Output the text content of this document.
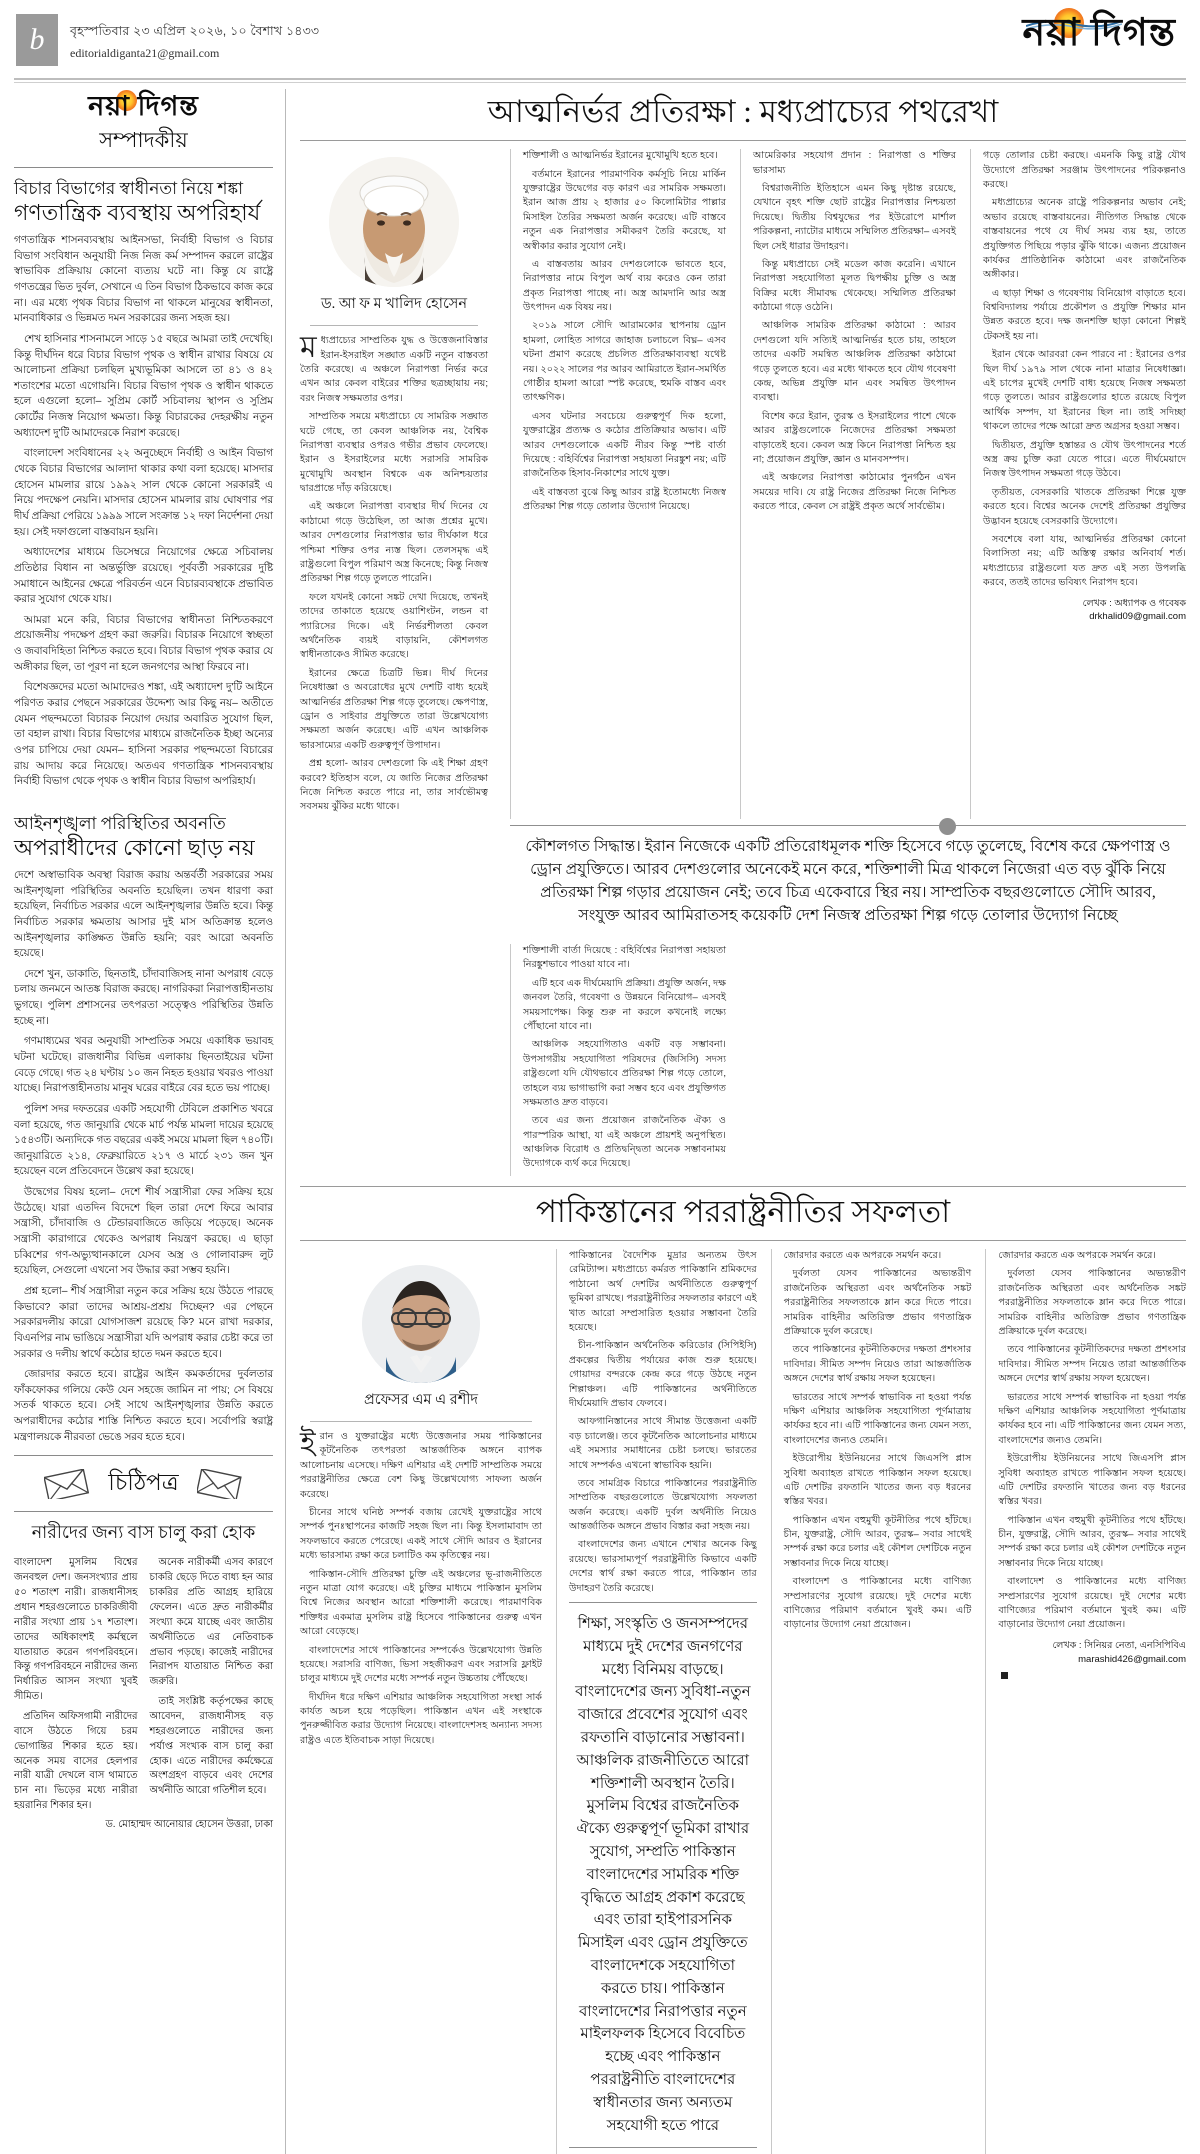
b	বৃহস্পতিবার ২৩ এপ্রিল ২০২৬, ১০ বৈশাখ ১৪৩৩
editorialdiganta21@gmail.com	নয়া দিগন্ত
নয়া দিগন্ত
সম্পাদকীয়
বিচার বিভাগের স্বাধীনতা নিয়ে শঙ্কা
গণতান্ত্রিক ব্যবস্থায় অপরিহার্য

গণতান্ত্রিক শাসনব্যবস্থায় আইনসভা, নির্বাহী বিভাগ ও বিচার বিভাগ সংবিধান অনুযায়ী নিজ নিজ কর্ম সম্পাদন করলে রাষ্ট্রের স্বাভাবিক প্রক্রিয়ায় কোনো ব্যত্যয় ঘটে না। কিন্তু যে রাষ্ট্রে গণতন্ত্রের ভিত দুর্বল, সেখানে এ তিন বিভাগ ঠিকভাবে কাজ করে না। এর মধ্যে পৃথক বিচার বিভাগ না থাকলে মানুষের স্বাধীনতা, মানবাধিকার ও ভিন্নমত দমন সরকারের জন্য সহজ হয়।

শেখ হাসিনার শাসনামলে সাড়ে ১৫ বছরে আমরা তাই দেখেছি। কিন্তু দীর্ঘদিন ধরে বিচার বিভাগ পৃথক ও স্বাধীন রাখার বিষয়ে যে আলোচনা প্রক্রিয়া চলছিল মুখ্যভূমিকা আসলে তা ৪১ ও ৪২ শতাংশের মতো এগোয়নি। বিচার বিভাগ পৃথক ও স্বাধীন থাকতে হলে এগুলো হলো– সুপ্রিম কোর্ট সচিবালয় স্থাপন ও সুপ্রিম কোর্টের নিজস্ব নিয়োগ ক্ষমতা। কিন্তু বিচারকের দেহরক্ষীয় নতুন অধ্যাদেশ দু'টি আমাদেরকে নিরাশ করেছে।

বাংলাদেশ সংবিধানের ২২ অনুচ্ছেদে নির্বাহী ও আইন বিভাগ থেকে বিচার বিভাগের আলাদা থাকার কথা বলা হয়েছে। মাসদার হোসেন মামলার রায়ে ১৯৯২ সাল থেকে কোনো সরকারই এ নিয়ে পদক্ষেপ নেয়নি। মাসদার হোসেন মামলার রায় ঘোষণার পর দীর্ঘ প্রক্রিয়া পেরিয়ে ১৯৯৯ সালে সংক্রান্ত ১২ দফা নির্দেশনা দেয়া হয়। সেই দফাগুলো বাস্তবায়ন হয়নি।

অধ্যাদেশের মাধ্যমে ডিসেম্বরে নিয়োগের ক্ষেত্রে সচিবালয় প্রতিষ্ঠার বিধান না অন্তর্ভুক্তি রয়েছে। পূর্ববর্তী সরকারের দুষ্টি সমাধানে আইনের ক্ষেত্রে পরিবর্তন এনে বিচারব্যবস্থাকে প্রভাবিত করার সুযোগ থেকে যায়।

আমরা মনে করি, বিচার বিভাগের স্বাধীনতা নিশ্চিতকরণে প্রয়োজনীয় পদক্ষেপ গ্রহণ করা জরুরি। বিচারক নিয়োগে স্বচ্ছতা ও জবাবদিহিতা নিশ্চিত করতে হবে। বিচার বিভাগ পৃথক করার যে অঙ্গীকার ছিল, তা পূরণ না হলে জনগণের আস্থা ফিরবে না।

বিশেষজ্ঞদের মতো আমাদেরও শঙ্কা, এই অধ্যাদেশ দু'টি আইনে পরিণত করার পেছনে সরকারের উদ্দেশ্য আর কিছু নয়– অতীতে যেমন পছন্দমতো বিচারক নিয়োগ দেয়ার অবারিত সুযোগ ছিল, তা বহাল রাখা। বিচার বিভাগের মাধ্যমে রাজনৈতিক ইচ্ছা অন্যের ওপর চাপিয়ে দেয়া যেমন– হাসিনা সরকার পছন্দমতো বিচারের রায় আদায় করে নিয়েছে। অতএব গণতান্ত্রিক শাসনব্যবস্থায় নির্বাহী বিভাগ থেকে পৃথক ও স্বাধীন বিচার বিভাগ অপরিহার্য।

আইনশৃঙ্খলা পরিস্থিতির অবনতি
অপরাধীদের কোনো ছাড় নয়

দেশে অস্বাভাবিক অবস্থা বিরাজ করায় অন্তর্বর্তী সরকারের সময় আইনশৃঙ্খলা পরিস্থিতির অবনতি হয়েছিল। তখন ধারণা করা হয়েছিল, নির্বাচিত সরকার এলে আইনশৃঙ্খলার উন্নতি হবে। কিন্তু নির্বাচিত সরকার ক্ষমতায় আসার দুই মাস অতিক্রান্ত হলেও আইনশৃঙ্খলার কাঙ্ক্ষিত উন্নতি হয়নি; বরং আরো অবনতি হয়েছে।

দেশে খুন, ডাকাতি, ছিনতাই, চাঁদাবাজিসহ নানা অপরাধ বেড়ে চলায় জনমনে আতঙ্ক বিরাজ করছে। নাগরিকরা নিরাপত্তাহীনতায় ভুগছে। পুলিশ প্রশাসনের তৎপরতা সত্ত্বেও পরিস্থিতির উন্নতি হচ্ছে না।

গণমাধ্যমের খবর অনুযায়ী সাম্প্রতিক সময়ে একাধিক ভয়াবহ ঘটনা ঘটেছে। রাজধানীর বিভিন্ন এলাকায় ছিনতাইয়ের ঘটনা বেড়ে গেছে। গত ২৪ ঘণ্টায় ১০ জন নিহত হওয়ার খবরও পাওয়া যাচ্ছে। নিরাপত্তাহীনতায় মানুষ ঘরের বাইরে বের হতে ভয় পাচ্ছে।

পুলিশ সদর দফতরের একটি সহযোগী টেবিলে প্রকাশিত খবরে বলা হয়েছে, গত জানুয়ারি থেকে মার্চ পর্যন্ত মামলা দায়ের হয়েছে ১৫৪৩টি। অন্যদিকে গত বছরের একই সময়ে মামলা ছিল ৭৪০টি। জানুয়ারিতে ২১৪, ফেব্রুয়ারিতে ২১৭ ও মার্চে ২৩১ জন খুন হয়েছেন বলে প্রতিবেদনে উল্লেখ করা হয়েছে।

উদ্বেগের বিষয় হলো– দেশে শীর্ষ সন্ত্রাসীরা ফের সক্রিয় হয়ে উঠেছে। যারা এতদিন বিদেশে ছিল তারা দেশে ফিরে আবার সন্ত্রাসী, চাঁদাবাজি ও টেন্ডারবাজিতে জড়িয়ে পড়েছে। অনেক সন্ত্রাসী কারাগারে থেকেও অপরাধ নিয়ন্ত্রণ করছে। এ ছাড়া চব্বিশের গণ-অভ্যুত্থানকালে যেসব অস্ত্র ও গোলাবারুদ লুট হয়েছিল, সেগুলো এখনো সব উদ্ধার করা সম্ভব হয়নি।

প্রশ্ন হলো– শীর্ষ সন্ত্রাসীরা নতুন করে সক্রিয় হয়ে উঠতে পারছে কিভাবে? কারা তাদের আশ্রয়-প্রশ্রয় দিচ্ছেন? এর পেছনে সরকারদলীয় কারো যোগসাজশ রয়েছে কি? মনে রাখা দরকার, বিএনপির নাম ভাঙিয়ে সন্ত্রাসীরা যদি অপরাধ করার চেষ্টা করে তা সরকার ও দলীয় স্বার্থে কঠোর হাতে দমন করতে হবে।

জোরদার করতে হবে। রাষ্ট্রের আইন কমকর্তাদের দুর্বলতার ফাঁকফোকর গলিয়ে কেউ যেন সহজে জামিন না পায়; সে বিষয়ে সতর্ক থাকতে হবে। সেই সাথে আইনশৃঙ্খলার উন্নতি করতে অপরাধীদের কঠোর শাস্তি নিশ্চিত করতে হবে। সর্বোপরি স্বরাষ্ট্র মন্ত্রণালয়কে নীরবতা ভেঙে সরব হতে হবে।

চিঠিপত্র
নারীদের জন্য বাস চালু করা হোক

বাংলাদেশ মুসলিম বিশ্বের জনবহুল দেশ। জনসংখ্যার প্রায় ৫০ শতাংশ নারী। রাজধানীসহ প্রধান শহরগুলোতে চাকরিজীবী নারীর সংখ্যা প্রায় ১৭ শতাংশ। তাদের অধিকাংশই কর্মস্থলে যাতায়াত করেন গণপরিবহনে। কিন্তু গণপরিবহনে নারীদের জন্য নির্ধারিত আসন সংখ্যা খুবই সীমিত।

প্রতিদিন অফিসগামী নারীদের বাসে উঠতে গিয়ে চরম ভোগান্তির শিকার হতে হয়। অনেক সময় বাসের হেলপার নারী যাত্রী দেখলে বাস থামাতে চান না। ভিড়ের মধ্যে নারীরা হয়রানির শিকার হন।

অনেক নারীকর্মী এসব কারণে চাকরি ছেড়ে দিতে বাধ্য হন আর চাকরির প্রতি আগ্রহ হারিয়ে ফেলেন। এতে দ্রুত নারীকর্মীর সংখ্যা কমে যাচ্ছে এবং জাতীয় অর্থনীতিতে এর নেতিবাচক প্রভাব পড়ছে। কাজেই নারীদের নিরাপদ যাতায়াত নিশ্চিত করা জরুরি।

তাই সংশ্লিষ্ট কর্তৃপক্ষের কাছে আবেদন, রাজধানীসহ বড় শহরগুলোতে নারীদের জন্য পর্যাপ্ত সংখ্যক বাস চালু করা হোক। এতে নারীদের কর্মক্ষেত্রে অংশগ্রহণ বাড়বে এবং দেশের অর্থনীতি আরো গতিশীল হবে।

ড. মোহাম্মদ আনোয়ার হোসেন উত্তরা, ঢাকা
আত্মনির্ভর প্রতিরক্ষা : মধ্যপ্রাচ্যের পথরেখা
ড. আ ফ ম খালিদ হোসেন

মধ্যপ্রাচ্যের সাম্প্রতিক যুদ্ধ ও উত্তেজনাবিস্তার ইরান-ইসরাইল সঙ্ঘাত একটি নতুন বাস্তবতা তৈরি করেছে। এ অঞ্চলে নিরাপত্তা নির্ভর করে এখন আর কেবল বাইরের শক্তির ছত্রচ্ছায়ায় নয়; বরং নিজস্ব সক্ষমতার ওপর।

সাম্প্রতিক সময়ে মধ্যপ্রাচ্যে যে সামরিক সঙ্ঘাত ঘটে গেছে, তা কেবল আঞ্চলিক নয়, বৈশ্বিক নিরাপত্তা ব্যবস্থার ওপরও গভীর প্রভাব ফেলেছে। ইরান ও ইসরাইলের মধ্যে সরাসরি সামরিক মুখোমুখি অবস্থান বিশ্বকে এক অনিশ্চয়তার দ্বারপ্রান্তে দাঁড় করিয়েছে।

এই অঞ্চলে নিরাপত্তা ব্যবস্থার দীর্ঘ দিনের যে কাঠামো গড়ে উঠেছিল, তা আজ প্রশ্নের মুখে। আরব দেশগুলোর নিরাপত্তার ভার দীর্ঘকাল ধরে পশ্চিমা শক্তির ওপর ন্যস্ত ছিল। তেলসমৃদ্ধ এই রাষ্ট্রগুলো বিপুল পরিমাণ অস্ত্র কিনেছে; কিন্তু নিজস্ব প্রতিরক্ষা শিল্প গড়ে তুলতে পারেনি।

ফলে যখনই কোনো সঙ্কট দেখা দিয়েছে, তখনই তাদের তাকাতে হয়েছে ওয়াশিংটন, লন্ডন বা প্যারিসের দিকে। এই নির্ভরশীলতা কেবল অর্থনৈতিক ব্যয়ই বাড়ায়নি, কৌশলগত স্বাধীনতাকেও সীমিত করেছে।

ইরানের ক্ষেত্রে চিত্রটি ভিন্ন। দীর্ঘ দিনের নিষেধাজ্ঞা ও অবরোধের মুখে দেশটি বাধ্য হয়েই আত্মনির্ভর প্রতিরক্ষা শিল্প গড়ে তুলেছে। ক্ষেপণাস্ত্র, ড্রোন ও সাইবার প্রযুক্তিতে তারা উল্লেখযোগ্য সক্ষমতা অর্জন করেছে। এটি এখন আঞ্চলিক ভারসাম্যের একটি গুরুত্বপূর্ণ উপাদান।

প্রশ্ন হলো- আরব দেশগুলো কি এই শিক্ষা গ্রহণ করবে? ইতিহাস বলে, যে জাতি নিজের প্রতিরক্ষা নিজে নিশ্চিত করতে পারে না, তার সার্বভৌমত্ব সবসময় ঝুঁকির মধ্যে থাকে।

শক্তিশালী ও আত্মনির্ভর ইরানের মুখোমুখি হতে হবে।

বর্তমানে ইরানের পারমাণবিক কর্মসূচি নিয়ে মার্কিন যুক্তরাষ্ট্রের উদ্বেগের বড় কারণ এর সামরিক সক্ষমতা। ইরান আজ প্রায় ২ হাজার ৫০ কিলোমিটার পাল্লার মিসাইল তৈরির সক্ষমতা অর্জন করেছে। এটি বাস্তবে নতুন এক নিরাপত্তার সমীকরণ তৈরি করেছে, যা অস্বীকার করার সুযোগ নেই।

এ বাস্তবতায় আরব দেশগুলোকে ভাবতে হবে, নিরাপত্তার নামে বিপুল অর্থ ব্যয় করেও কেন তারা প্রকৃত নিরাপত্তা পাচ্ছে না। অস্ত্র আমদানি আর অস্ত্র উৎপাদন এক বিষয় নয়।

২০১৯ সালে সৌদি আরামকোর স্থাপনায় ড্রোন হামলা, লোহিত সাগরে জাহাজ চলাচলে বিঘ্ন– এসব ঘটনা প্রমাণ করেছে প্রচলিত প্রতিরক্ষাব্যবস্থা যথেষ্ট নয়। ২০২২ সালের পর আরব আমিরাতে ইরান-সমর্থিত গোষ্ঠীর হামলা আরো স্পষ্ট করেছে, হুমকি বাস্তব এবং তাৎক্ষণিক।

এসব ঘটনার সবচেয়ে গুরুত্বপূর্ণ দিক হলো, যুক্তরাষ্ট্রের প্রত্যক্ষ ও কঠোর প্রতিক্রিয়ার অভাব। এটি আরব দেশগুলোকে একটি নীরব কিন্তু স্পষ্ট বার্তা দিয়েছে : বহির্বিশ্বের নিরাপত্তা সহায়তা নিরঙ্কুশ নয়; এটি রাজনৈতিক হিসাব-নিকাশের সাথে যুক্ত।

এই বাস্তবতা বুঝে কিছু আরব রাষ্ট্র ইতোমধ্যে নিজস্ব প্রতিরক্ষা শিল্প গড়ে তোলার উদ্যোগ নিয়েছে।

আমেরিকার সহযোগ প্রদান : নিরাপত্তা ও শক্তির ভারসাম্য

বিশ্বরাজনীতি ইতিহাসে এমন কিছু দৃষ্টান্ত রয়েছে, যেখানে বৃহৎ শক্তি ছোট রাষ্ট্রের নিরাপত্তার নিশ্চয়তা দিয়েছে। দ্বিতীয় বিশ্বযুদ্ধের পর ইউরোপে মার্শাল পরিকল্পনা, ন্যাটোর মাধ্যমে সম্মিলিত প্রতিরক্ষা– এসবই ছিল সেই ধারার উদাহরণ।

কিন্তু মধ্যপ্রাচ্যে সেই মডেল কাজ করেনি। এখানে নিরাপত্তা সহযোগিতা মূলত দ্বিপক্ষীয় চুক্তি ও অস্ত্র বিক্রির মধ্যে সীমাবদ্ধ থেকেছে। সম্মিলিত প্রতিরক্ষা কাঠামো গড়ে ওঠেনি।

আঞ্চলিক সামরিক প্রতিরক্ষা কাঠামো : আরব দেশগুলো যদি সত্যিই আত্মনির্ভর হতে চায়, তাহলে তাদের একটি সমন্বিত আঞ্চলিক প্রতিরক্ষা কাঠামো গড়ে তুলতে হবে। এর মধ্যে থাকতে হবে যৌথ গবেষণা কেন্দ্র, অভিন্ন প্রযুক্তি মান এবং সমন্বিত উৎপাদন ব্যবস্থা।

বিশেষ করে ইরান, তুরস্ক ও ইসরাইলের পাশে থেকে আরব রাষ্ট্রগুলোকে নিজেদের প্রতিরক্ষা সক্ষমতা বাড়াতেই হবে। কেবল অস্ত্র কিনে নিরাপত্তা নিশ্চিত হয় না; প্রয়োজন প্রযুক্তি, জ্ঞান ও মানবসম্পদ।

এই অঞ্চলের নিরাপত্তা কাঠামোর পুনর্গঠন এখন সময়ের দাবি। যে রাষ্ট্র নিজের প্রতিরক্ষা নিজে নিশ্চিত করতে পারে, কেবল সে রাষ্ট্রই প্রকৃত অর্থে সার্বভৌম।

গড়ে তোলার চেষ্টা করছে। এমনকি কিছু রাষ্ট্র যৌথ উদ্যোগে প্রতিরক্ষা সরঞ্জাম উৎপাদনের পরিকল্পনাও করছে।

মধ্যপ্রাচ্যের অনেক রাষ্ট্রে পরিকল্পনার অভাব নেই; অভাব রয়েছে বাস্তবায়নের। নীতিগত সিদ্ধান্ত থেকে বাস্তবায়নের পথে যে দীর্ঘ সময় ব্যয় হয়, তাতে প্রযুক্তিগত পিছিয়ে পড়ার ঝুঁকি থাকে। এজন্য প্রয়োজন কার্যকর প্রাতিষ্ঠানিক কাঠামো এবং রাজনৈতিক অঙ্গীকার।

এ ছাড়া শিক্ষা ও গবেষণায় বিনিয়োগ বাড়াতে হবে। বিশ্ববিদ্যালয় পর্যায়ে প্রকৌশল ও প্রযুক্তি শিক্ষার মান উন্নত করতে হবে। দক্ষ জনশক্তি ছাড়া কোনো শিল্পই টেকসই হয় না।

ইরান থেকে আরবরা কেন পারবে না : ইরানের ওপর ছিল দীর্ঘ ১৯৭৯ সাল থেকে নানা মাত্রার নিষেধাজ্ঞা। এই চাপের মুখেই দেশটি বাধ্য হয়েছে নিজস্ব সক্ষমতা গড়ে তুলতে। আরব রাষ্ট্রগুলোর হাতে রয়েছে বিপুল আর্থিক সম্পদ, যা ইরানের ছিল না। তাই সদিচ্ছা থাকলে তাদের পক্ষে আরো দ্রুত অগ্রসর হওয়া সম্ভব।

দ্বিতীয়ত, প্রযুক্তি হস্তান্তর ও যৌথ উৎপাদনের শর্তে অস্ত্র ক্রয় চুক্তি করা যেতে পারে। এতে দীর্ঘমেয়াদে নিজস্ব উৎপাদন সক্ষমতা গড়ে উঠবে।

তৃতীয়ত, বেসরকারি খাতকে প্রতিরক্ষা শিল্পে যুক্ত করতে হবে। বিশ্বের অনেক দেশেই প্রতিরক্ষা প্রযুক্তির উদ্ভাবন হয়েছে বেসরকারি উদ্যোগে।

সবশেষে বলা যায়, আত্মনির্ভর প্রতিরক্ষা কোনো বিলাসিতা নয়; এটি অস্তিত্ব রক্ষার অনিবার্য শর্ত। মধ্যপ্রাচ্যের রাষ্ট্রগুলো যত দ্রুত এই সত্য উপলব্ধি করবে, ততই তাদের ভবিষ্যৎ নিরাপদ হবে।

লেখক : অধ্যাপক ও গবেষক
drkhalid09@gmail.com
কৌশলগত সিদ্ধান্ত। ইরান নিজেকে একটি প্রতিরোধমূলক শক্তি হিসেবে গড়ে তুলেছে, বিশেষ করে ক্ষেপণাস্ত্র ও ড্রোন প্রযুক্তিতে। আরব দেশগুলোর অনেকেই মনে করে, শক্তিশালী মিত্র থাকলে নিজেরা এত বড় ঝুঁকি নিয়ে প্রতিরক্ষা শিল্প গড়ার প্রয়োজন নেই; তবে চিত্র একেবারে স্থির নয়। সাম্প্রতিক বছরগুলোতে সৌদি আরব, সংযুক্ত আরব আমিরাতসহ কয়েকটি দেশ নিজস্ব প্রতিরক্ষা শিল্প গড়ে তোলার উদ্যোগ নিচ্ছে

শক্তিশালী বার্তা দিয়েছে : বহির্বিশ্বের নিরাপত্তা সহায়তা নিরঙ্কুশভাবে পাওয়া যাবে না।

এটি হবে এক দীর্ঘমেয়াদি প্রক্রিয়া। প্রযুক্তি অর্জন, দক্ষ জনবল তৈরি, গবেষণা ও উন্নয়নে বিনিয়োগ– এসবই সময়সাপেক্ষ। কিন্তু শুরু না করলে কখনোই লক্ষ্যে পৌঁছানো যাবে না।

আঞ্চলিক সহযোগিতাও একটি বড় সম্ভাবনা। উপসাগরীয় সহযোগিতা পরিষদের (জিসিসি) সদস্য রাষ্ট্রগুলো যদি যৌথভাবে প্রতিরক্ষা শিল্প গড়ে তোলে, তাহলে ব্যয় ভাগাভাগি করা সম্ভব হবে এবং প্রযুক্তিগত সক্ষমতাও দ্রুত বাড়বে।

তবে এর জন্য প্রয়োজন রাজনৈতিক ঐক্য ও পারস্পরিক আস্থা, যা এই অঞ্চলে প্রায়শই অনুপস্থিত। আঞ্চলিক বিরোধ ও প্রতিদ্বন্দ্বিতা অনেক সম্ভাবনাময় উদ্যোগকে ব্যর্থ করে দিয়েছে।

পাকিস্তানের পররাষ্ট্রনীতির সফলতা
প্রফেসর এম এ রশীদ

ইরান ও যুক্তরাষ্ট্রের মধ্যে উত্তেজনার সময় পাকিস্তানের কূটনৈতিক তৎপরতা আন্তর্জাতিক অঙ্গনে ব্যাপক আলোচনায় এসেছে। দক্ষিণ এশিয়ার এই দেশটি সাম্প্রতিক সময়ে পররাষ্ট্রনীতির ক্ষেত্রে বেশ কিছু উল্লেখযোগ্য সাফল্য অর্জন করেছে।

চীনের সাথে ঘনিষ্ঠ সম্পর্ক বজায় রেখেই যুক্তরাষ্ট্রের সাথে সম্পর্ক পুনঃস্থাপনের কাজটি সহজ ছিল না। কিন্তু ইসলামাবাদ তা সফলভাবে করতে পেরেছে। একই সাথে সৌদি আরব ও ইরানের মধ্যে ভারসাম্য রক্ষা করে চলাটিও কম কৃতিত্বের নয়।

পাকিস্তান-সৌদি প্রতিরক্ষা চুক্তি এই অঞ্চলের ভূ-রাজনীতিতে নতুন মাত্রা যোগ করেছে। এই চুক্তির মাধ্যমে পাকিস্তান মুসলিম বিশ্বে নিজের অবস্থান আরো শক্তিশালী করেছে। পারমাণবিক শক্তিধর একমাত্র মুসলিম রাষ্ট্র হিসেবে পাকিস্তানের গুরুত্ব এখন আরো বেড়েছে।

বাংলাদেশের সাথে পাকিস্তানের সম্পর্কেও উল্লেখযোগ্য উন্নতি হয়েছে। সরাসরি বাণিজ্য, ভিসা সহজীকরণ এবং সরাসরি ফ্লাইট চালুর মাধ্যমে দুই দেশের মধ্যে সম্পর্ক নতুন উচ্চতায় পৌঁছেছে।

দীর্ঘদিন ধরে দক্ষিণ এশিয়ার আঞ্চলিক সহযোগিতা সংস্থা সার্ক কার্যত অচল হয়ে পড়েছিল। পাকিস্তান এখন এই সংস্থাকে পুনরুজ্জীবিত করার উদ্যোগ নিয়েছে। বাংলাদেশসহ অন্যান্য সদস্য রাষ্ট্রও এতে ইতিবাচক সাড়া দিয়েছে।

পাকিস্তানের বৈদেশিক মুদ্রার অন্যতম উৎস রেমিট্যান্স। মধ্যপ্রাচ্যে কর্মরত পাকিস্তানি শ্রমিকদের পাঠানো অর্থ দেশটির অর্থনীতিতে গুরুত্বপূর্ণ ভূমিকা রাখছে। পররাষ্ট্রনীতির সফলতার কারণে এই খাত আরো সম্প্রসারিত হওয়ার সম্ভাবনা তৈরি হয়েছে।

চীন-পাকিস্তান অর্থনৈতিক করিডোর (সিপিইসি) প্রকল্পের দ্বিতীয় পর্যায়ের কাজ শুরু হয়েছে। গোয়াদর বন্দরকে কেন্দ্র করে গড়ে উঠছে নতুন শিল্পাঞ্চল। এটি পাকিস্তানের অর্থনীতিতে দীর্ঘমেয়াদি প্রভাব ফেলবে।

আফগানিস্তানের সাথে সীমান্ত উত্তেজনা একটি বড় চ্যালেঞ্জ। তবে কূটনৈতিক আলোচনার মাধ্যমে এই সমস্যার সমাধানের চেষ্টা চলছে। ভারতের সাথে সম্পর্কও এখনো স্বাভাবিক হয়নি।

তবে সামগ্রিক বিচারে পাকিস্তানের পররাষ্ট্রনীতি সাম্প্রতিক বছরগুলোতে উল্লেখযোগ্য সফলতা অর্জন করেছে। একটি দুর্বল অর্থনীতি নিয়েও আন্তর্জাতিক অঙ্গনে প্রভাব বিস্তার করা সহজ নয়।

বাংলাদেশের জন্য এখানে শেখার অনেক কিছু রয়েছে। ভারসাম্যপূর্ণ পররাষ্ট্রনীতি কিভাবে একটি দেশের স্বার্থ রক্ষা করতে পারে, পাকিস্তান তার উদাহরণ তৈরি করেছে।

শিক্ষা, সংস্কৃতি ও জনসম্পদের মাধ্যমে দুই দেশের জনগণের মধ্যে বিনিময় বাড়ছে। বাংলাদেশের জন্য সুবিধা-নতুন বাজারে প্রবেশের সুযোগ এবং রফতানি বাড়ানোর সম্ভাবনা। আঞ্চলিক রাজনীতিতে আরো শক্তিশালী অবস্থান তৈরি। মুসলিম বিশ্বের রাজনৈতিক ঐক্যে গুরুত্বপূর্ণ ভূমিকা রাখার সুযোগ, সম্প্রতি পাকিস্তান বাংলাদেশের সামরিক শক্তি বৃদ্ধিতে আগ্রহ প্রকাশ করেছে এবং তারা হাইপারসনিক মিসাইল এবং ড্রোন প্রযুক্তিতে বাংলাদেশকে সহযোগিতা করতে চায়। পাকিস্তান বাংলাদেশের নিরাপত্তার নতুন মাইলফলক হিসেবে বিবেচিত হচ্ছে এবং পাকিস্তান পররাষ্ট্রনীতি বাংলাদেশের স্বাধীনতার জন্য অন্যতম সহযোগী হতে পারে

জোরদার করতে এক অপরকে সমর্থন করে।

দুর্বলতা যেসব পাকিস্তানের অভ্যন্তরীণ রাজনৈতিক অস্থিরতা এবং অর্থনৈতিক সঙ্কট পররাষ্ট্রনীতির সফলতাকে ম্লান করে দিতে পারে। সামরিক বাহিনীর অতিরিক্ত প্রভাব গণতান্ত্রিক প্রক্রিয়াকে দুর্বল করেছে।

তবে পাকিস্তানের কূটনীতিকদের দক্ষতা প্রশংসার দাবিদার। সীমিত সম্পদ নিয়েও তারা আন্তর্জাতিক অঙ্গনে দেশের স্বার্থ রক্ষায় সফল হয়েছেন।

ভারতের সাথে সম্পর্ক স্বাভাবিক না হওয়া পর্যন্ত দক্ষিণ এশিয়ার আঞ্চলিক সহযোগিতা পূর্ণমাত্রায় কার্যকর হবে না। এটি পাকিস্তানের জন্য যেমন সত্য, বাংলাদেশের জন্যও তেমনি।

ইউরোপীয় ইউনিয়নের সাথে জিএসপি প্লাস সুবিধা অব্যাহত রাখতে পাকিস্তান সফল হয়েছে। এটি দেশটির রফতানি খাতের জন্য বড় ধরনের স্বস্তির খবর।

পাকিস্তান এখন বহুমুখী কূটনীতির পথে হাঁটছে। চীন, যুক্তরাষ্ট্র, সৌদি আরব, তুরস্ক– সবার সাথেই সম্পর্ক রক্ষা করে চলার এই কৌশল দেশটিকে নতুন সম্ভাবনার দিকে নিয়ে যাচ্ছে।

বাংলাদেশ ও পাকিস্তানের মধ্যে বাণিজ্য সম্প্রসারণের সুযোগ রয়েছে। দুই দেশের মধ্যে বাণিজ্যের পরিমাণ বর্তমানে খুবই কম। এটি বাড়ানোর উদ্যোগ নেয়া প্রয়োজন।

জোরদার করতে এক অপরকে সমর্থন করে।

দুর্বলতা যেসব পাকিস্তানের অভ্যন্তরীণ রাজনৈতিক অস্থিরতা এবং অর্থনৈতিক সঙ্কট পররাষ্ট্রনীতির সফলতাকে ম্লান করে দিতে পারে। সামরিক বাহিনীর অতিরিক্ত প্রভাব গণতান্ত্রিক প্রক্রিয়াকে দুর্বল করেছে।

তবে পাকিস্তানের কূটনীতিকদের দক্ষতা প্রশংসার দাবিদার। সীমিত সম্পদ নিয়েও তারা আন্তর্জাতিক অঙ্গনে দেশের স্বার্থ রক্ষায় সফল হয়েছেন।

ভারতের সাথে সম্পর্ক স্বাভাবিক না হওয়া পর্যন্ত দক্ষিণ এশিয়ার আঞ্চলিক সহযোগিতা পূর্ণমাত্রায় কার্যকর হবে না। এটি পাকিস্তানের জন্য যেমন সত্য, বাংলাদেশের জন্যও তেমনি।

ইউরোপীয় ইউনিয়নের সাথে জিএসপি প্লাস সুবিধা অব্যাহত রাখতে পাকিস্তান সফল হয়েছে। এটি দেশটির রফতানি খাতের জন্য বড় ধরনের স্বস্তির খবর।

পাকিস্তান এখন বহুমুখী কূটনীতির পথে হাঁটছে। চীন, যুক্তরাষ্ট্র, সৌদি আরব, তুরস্ক– সবার সাথেই সম্পর্ক রক্ষা করে চলার এই কৌশল দেশটিকে নতুন সম্ভাবনার দিকে নিয়ে যাচ্ছে।

বাংলাদেশ ও পাকিস্তানের মধ্যে বাণিজ্য সম্প্রসারণের সুযোগ রয়েছে। দুই দেশের মধ্যে বাণিজ্যের পরিমাণ বর্তমানে খুবই কম। এটি বাড়ানোর উদ্যোগ নেয়া প্রয়োজন।

লেখক : সিনিয়র নেতা, এনসিপিবিএ
marashid426@gmail.com
